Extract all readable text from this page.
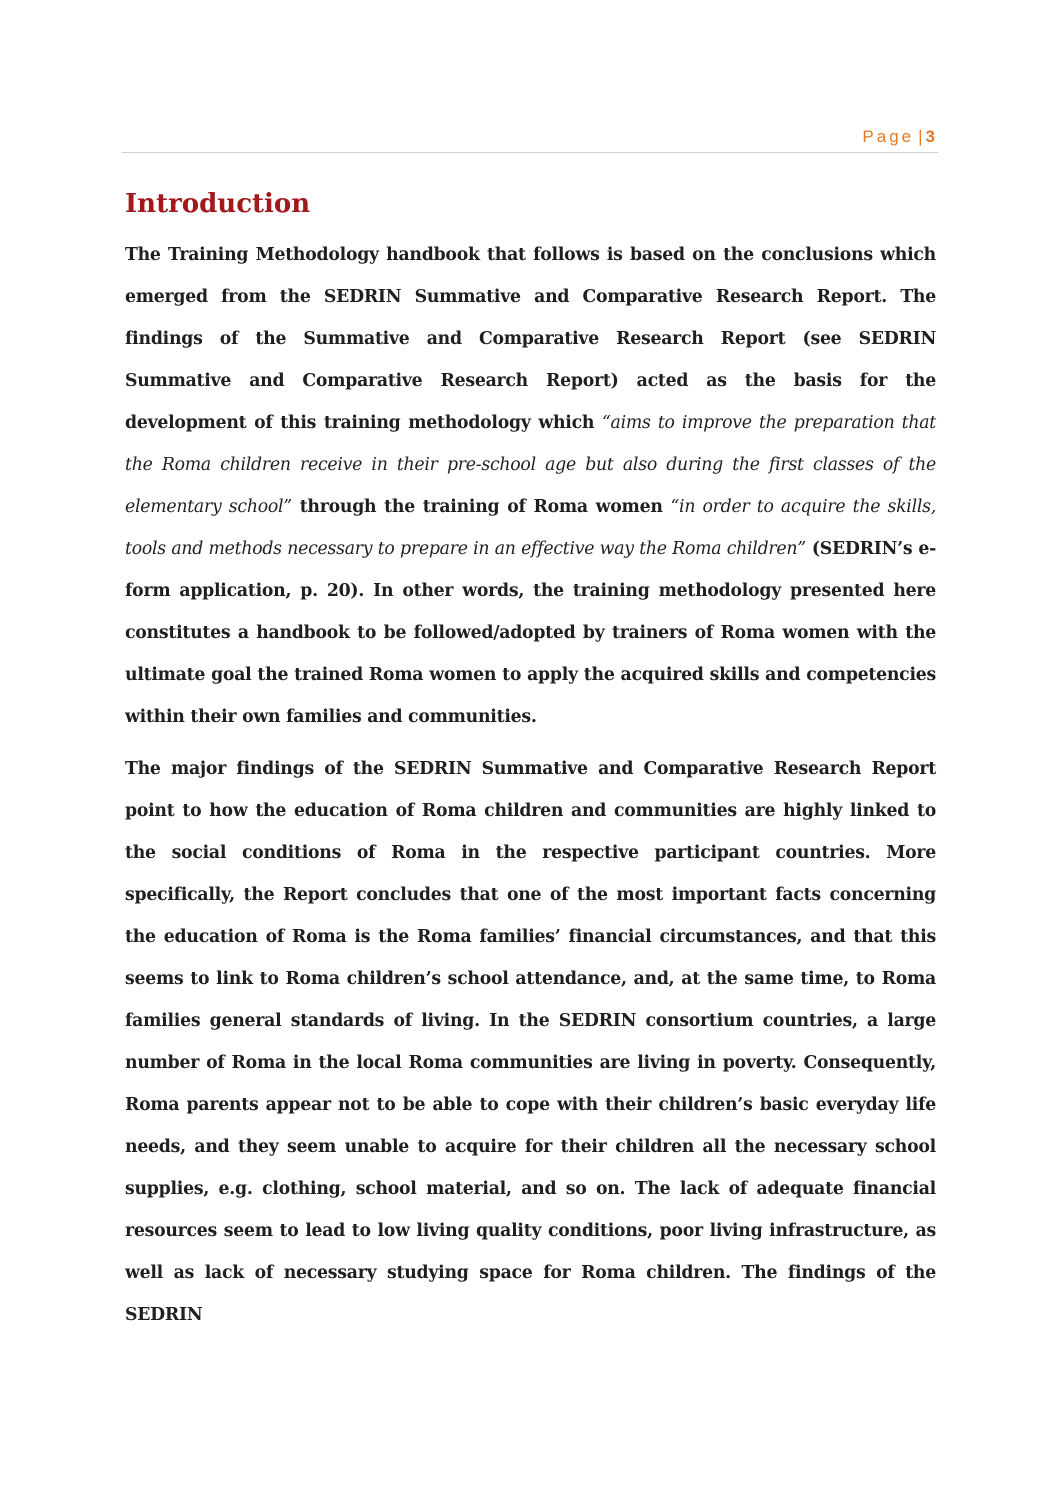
Page |3
Introduction

The Training Methodology handbook that follows is based on the conclusions which emerged from the SEDRIN Summative and Comparative Research Report. The findings of the Summative and Comparative Research Report (see SEDRIN Summative and Comparative Research Report) acted as the basis for the development of this training methodology which “aims to improve the preparation that the Roma children receive in their pre-school age but also during the first classes of the elementary school” through the training of Roma women “in order to acquire the skills, tools and methods necessary to prepare in an effective way the Roma children” (SEDRIN’s e-form application, p. 20). In other words, the training methodology presented here constitutes a handbook to be followed/adopted by trainers of Roma women with the ultimate goal the trained Roma women to apply the acquired skills and competencies within their own families and communities.

The major findings of the SEDRIN Summative and Comparative Research Report point to how the education of Roma children and communities are highly linked to the social conditions of Roma in the respective participant countries. More specifically, the Report concludes that one of the most important facts concerning the education of Roma is the Roma families’ financial circumstances, and that this seems to link to Roma children’s school attendance, and, at the same time, to Roma families general standards of living. In the SEDRIN consortium countries, a large number of Roma in the local Roma communities are living in poverty. Consequently, Roma parents appear not to be able to cope with their children’s basic everyday life needs, and they seem unable to acquire for their children all the necessary school supplies, e.g. clothing, school material, and so on. The lack of adequate financial resources seem to lead to low living quality conditions, poor living infrastructure, as well as lack of necessary studying space for Roma children. The findings of the SEDRIN
